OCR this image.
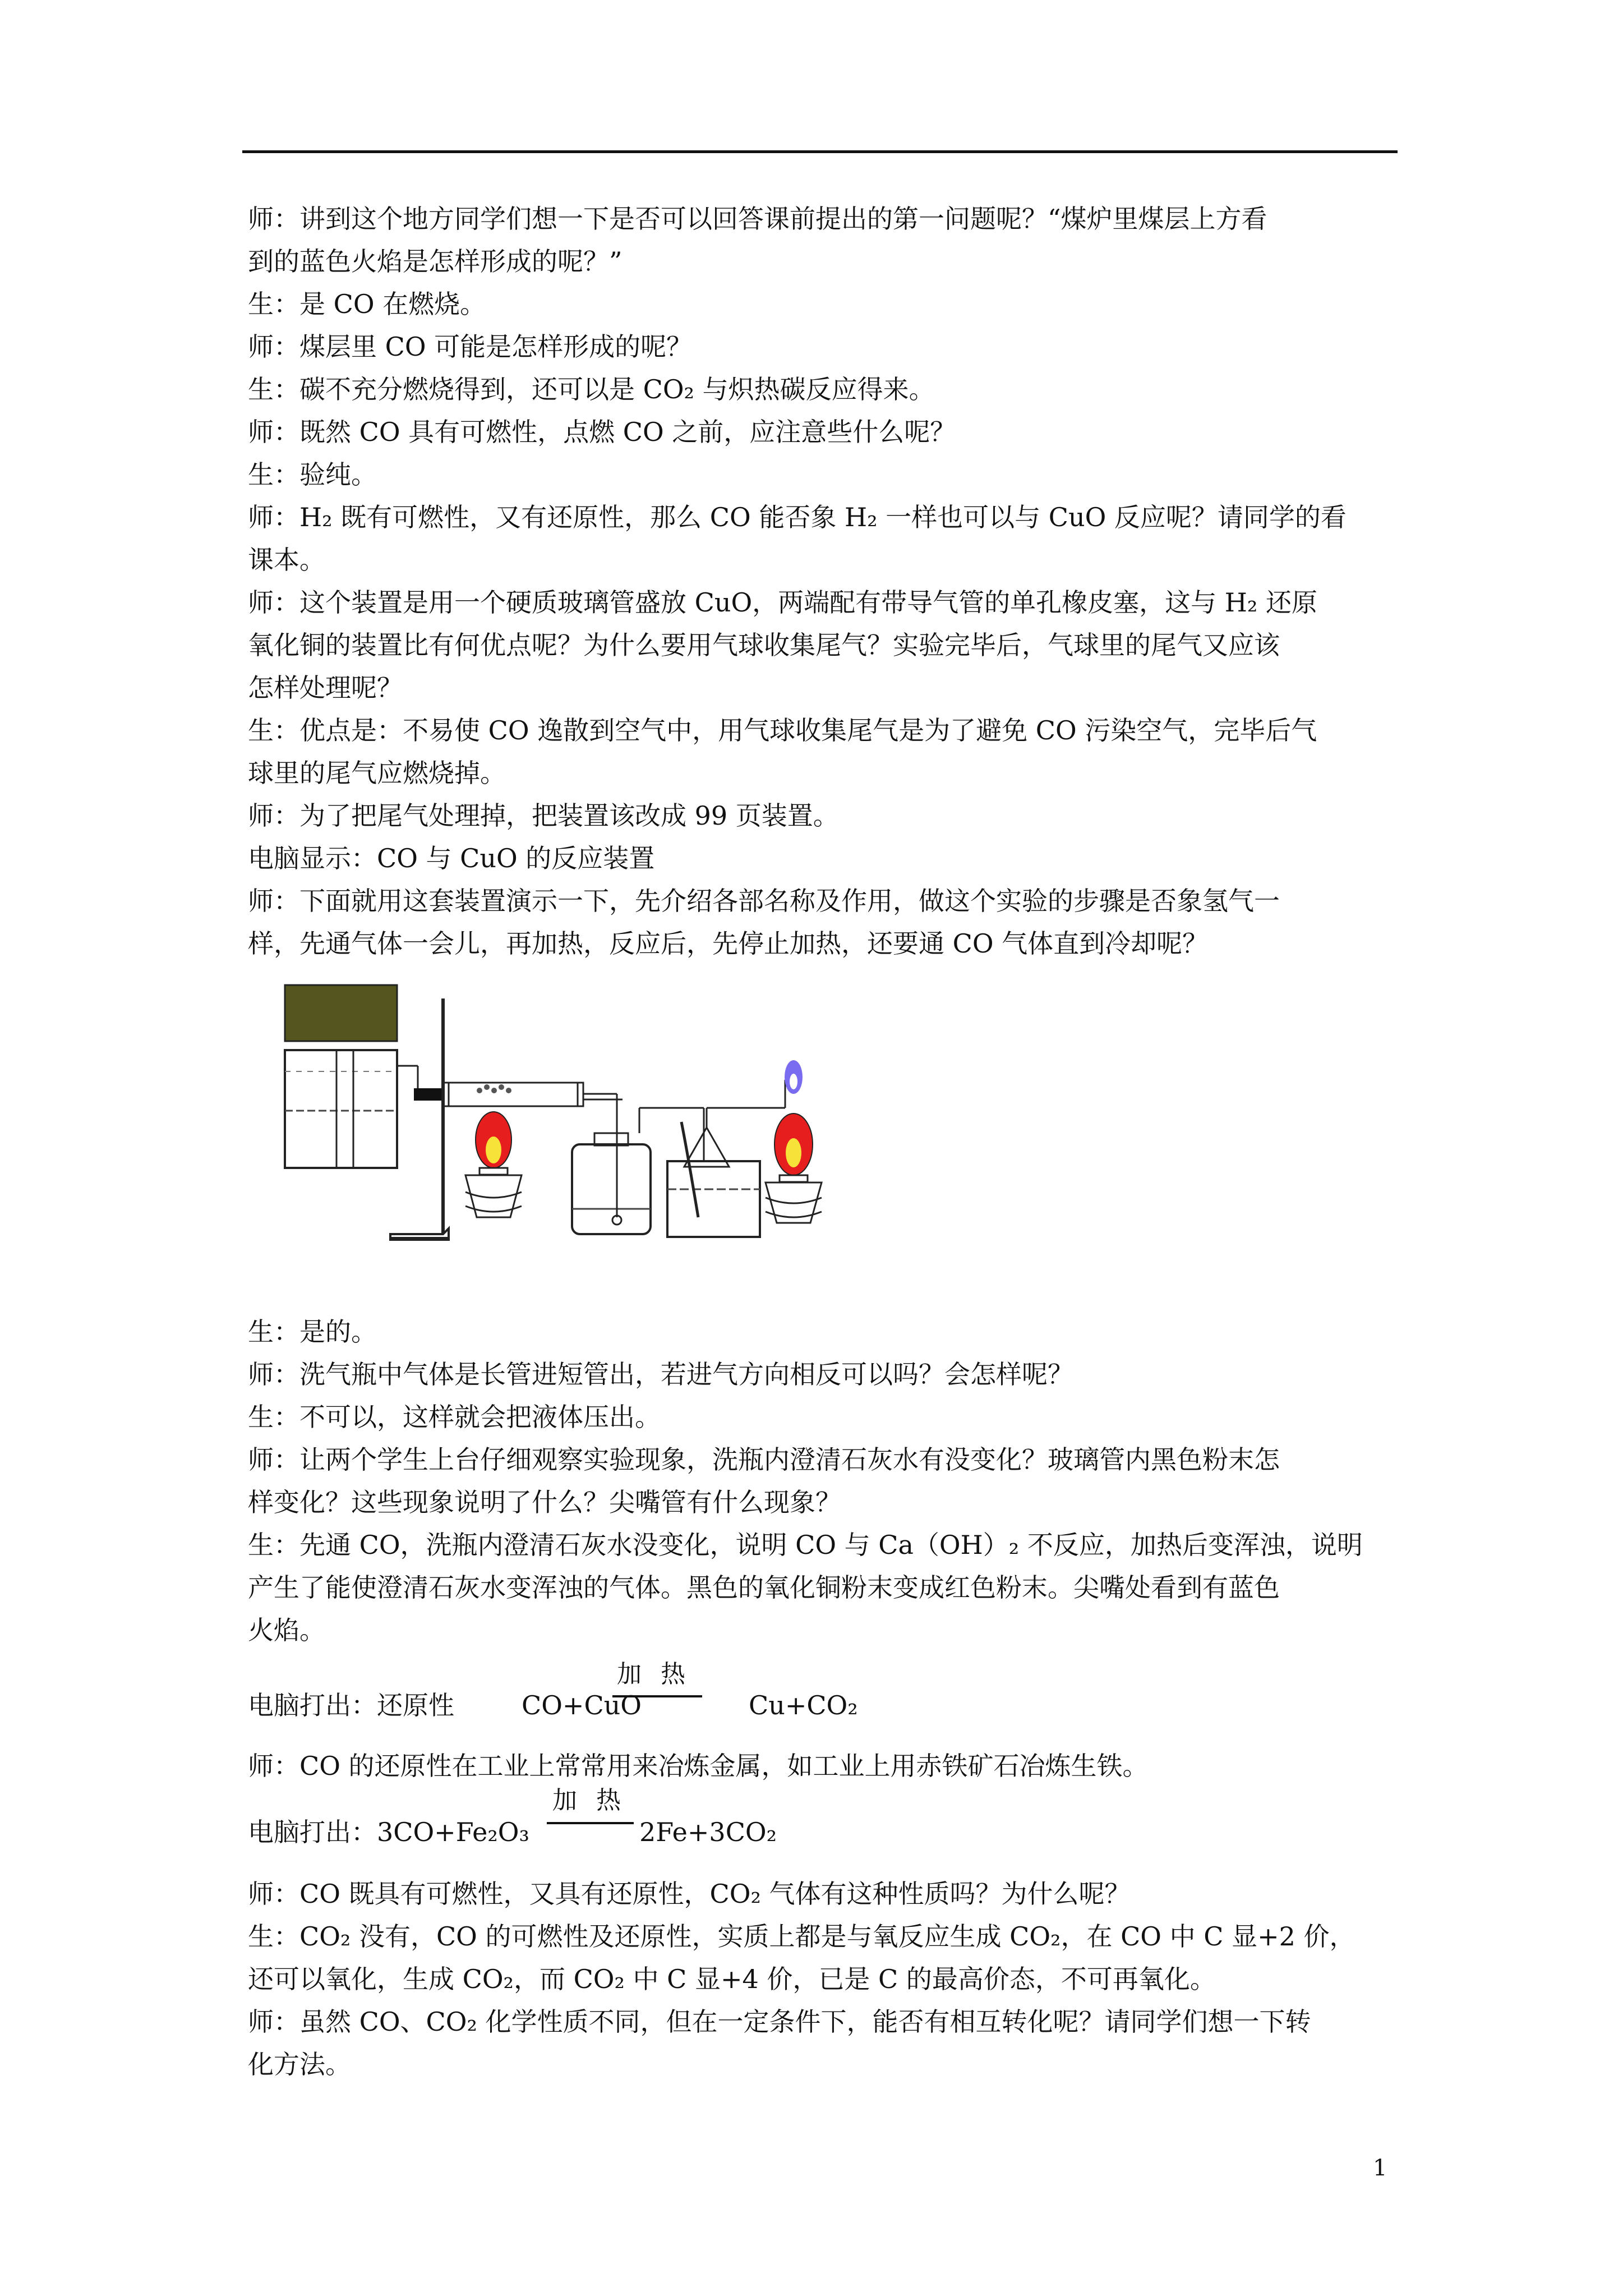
师：讲到这个地方同学们想一下是否可以回答课前提出的第一问题呢？“煤炉里煤层上方看
到的蓝色火焰是怎样形成的呢？”
生：是 CO 在燃烧。
师：煤层里 CO 可能是怎样形成的呢？
生：碳不充分燃烧得到，还可以是 CO₂ 与炽热碳反应得来。
师：既然 CO 具有可燃性，点燃 CO 之前，应注意些什么呢？
生：验纯。
师：H₂ 既有可燃性，又有还原性，那么 CO 能否象 H₂ 一样也可以与 CuO 反应呢？请同学的看
课本。
师：这个装置是用一个硬质玻璃管盛放 CuO，两端配有带导气管的单孔橡皮塞，这与 H₂ 还原
氧化铜的装置比有何优点呢？为什么要用气球收集尾气？实验完毕后，气球里的尾气又应该
怎样处理呢？
生：优点是：不易使 CO 逸散到空气中，用气球收集尾气是为了避免 CO 污染空气，完毕后气
球里的尾气应燃烧掉。
师：为了把尾气处理掉，把装置该改成 99 页装置。
电脑显示：CO 与 CuO 的反应装置
师：下面就用这套装置演示一下，先介绍各部名称及作用，做这个实验的步骤是否象氢气一
样，先通气体一会儿，再加热，反应后，先停止加热，还要通 CO 气体直到冷却呢？
生：是的。
师：洗气瓶中气体是长管进短管出，若进气方向相反可以吗？会怎样呢？
生：不可以，这样就会把液体压出。
师：让两个学生上台仔细观察实验现象，洗瓶内澄清石灰水有没变化？玻璃管内黑色粉末怎
样变化？这些现象说明了什么？尖嘴管有什么现象？
生：先通 CO，洗瓶内澄清石灰水没变化，说明 CO 与 Ca（OH）₂ 不反应，加热后变浑浊，说明
产生了能使澄清石灰水变浑浊的气体。黑色的氧化铜粉末变成红色粉末。尖嘴处看到有蓝色
火焰。
电脑打出：还原性	CO+CuO
加 热
Cu+CO₂
师：CO 的还原性在工业上常常用来冶炼金属，如工业上用赤铁矿石冶炼生铁。
电脑打出：3CO+Fe₂O₃
加 热
2Fe+3CO₂
师：CO 既具有可燃性，又具有还原性，CO₂ 气体有这种性质吗？为什么呢？
生：CO₂ 没有，CO 的可燃性及还原性，实质上都是与氧反应生成 CO₂，在 CO 中 C 显+2 价，
还可以氧化，生成 CO₂，而 CO₂ 中 C 显+4 价，已是 C 的最高价态，不可再氧化。
师：虽然 CO、CO₂ 化学性质不同，但在一定条件下，能否有相互转化呢？请同学们想一下转
化方法。
1
